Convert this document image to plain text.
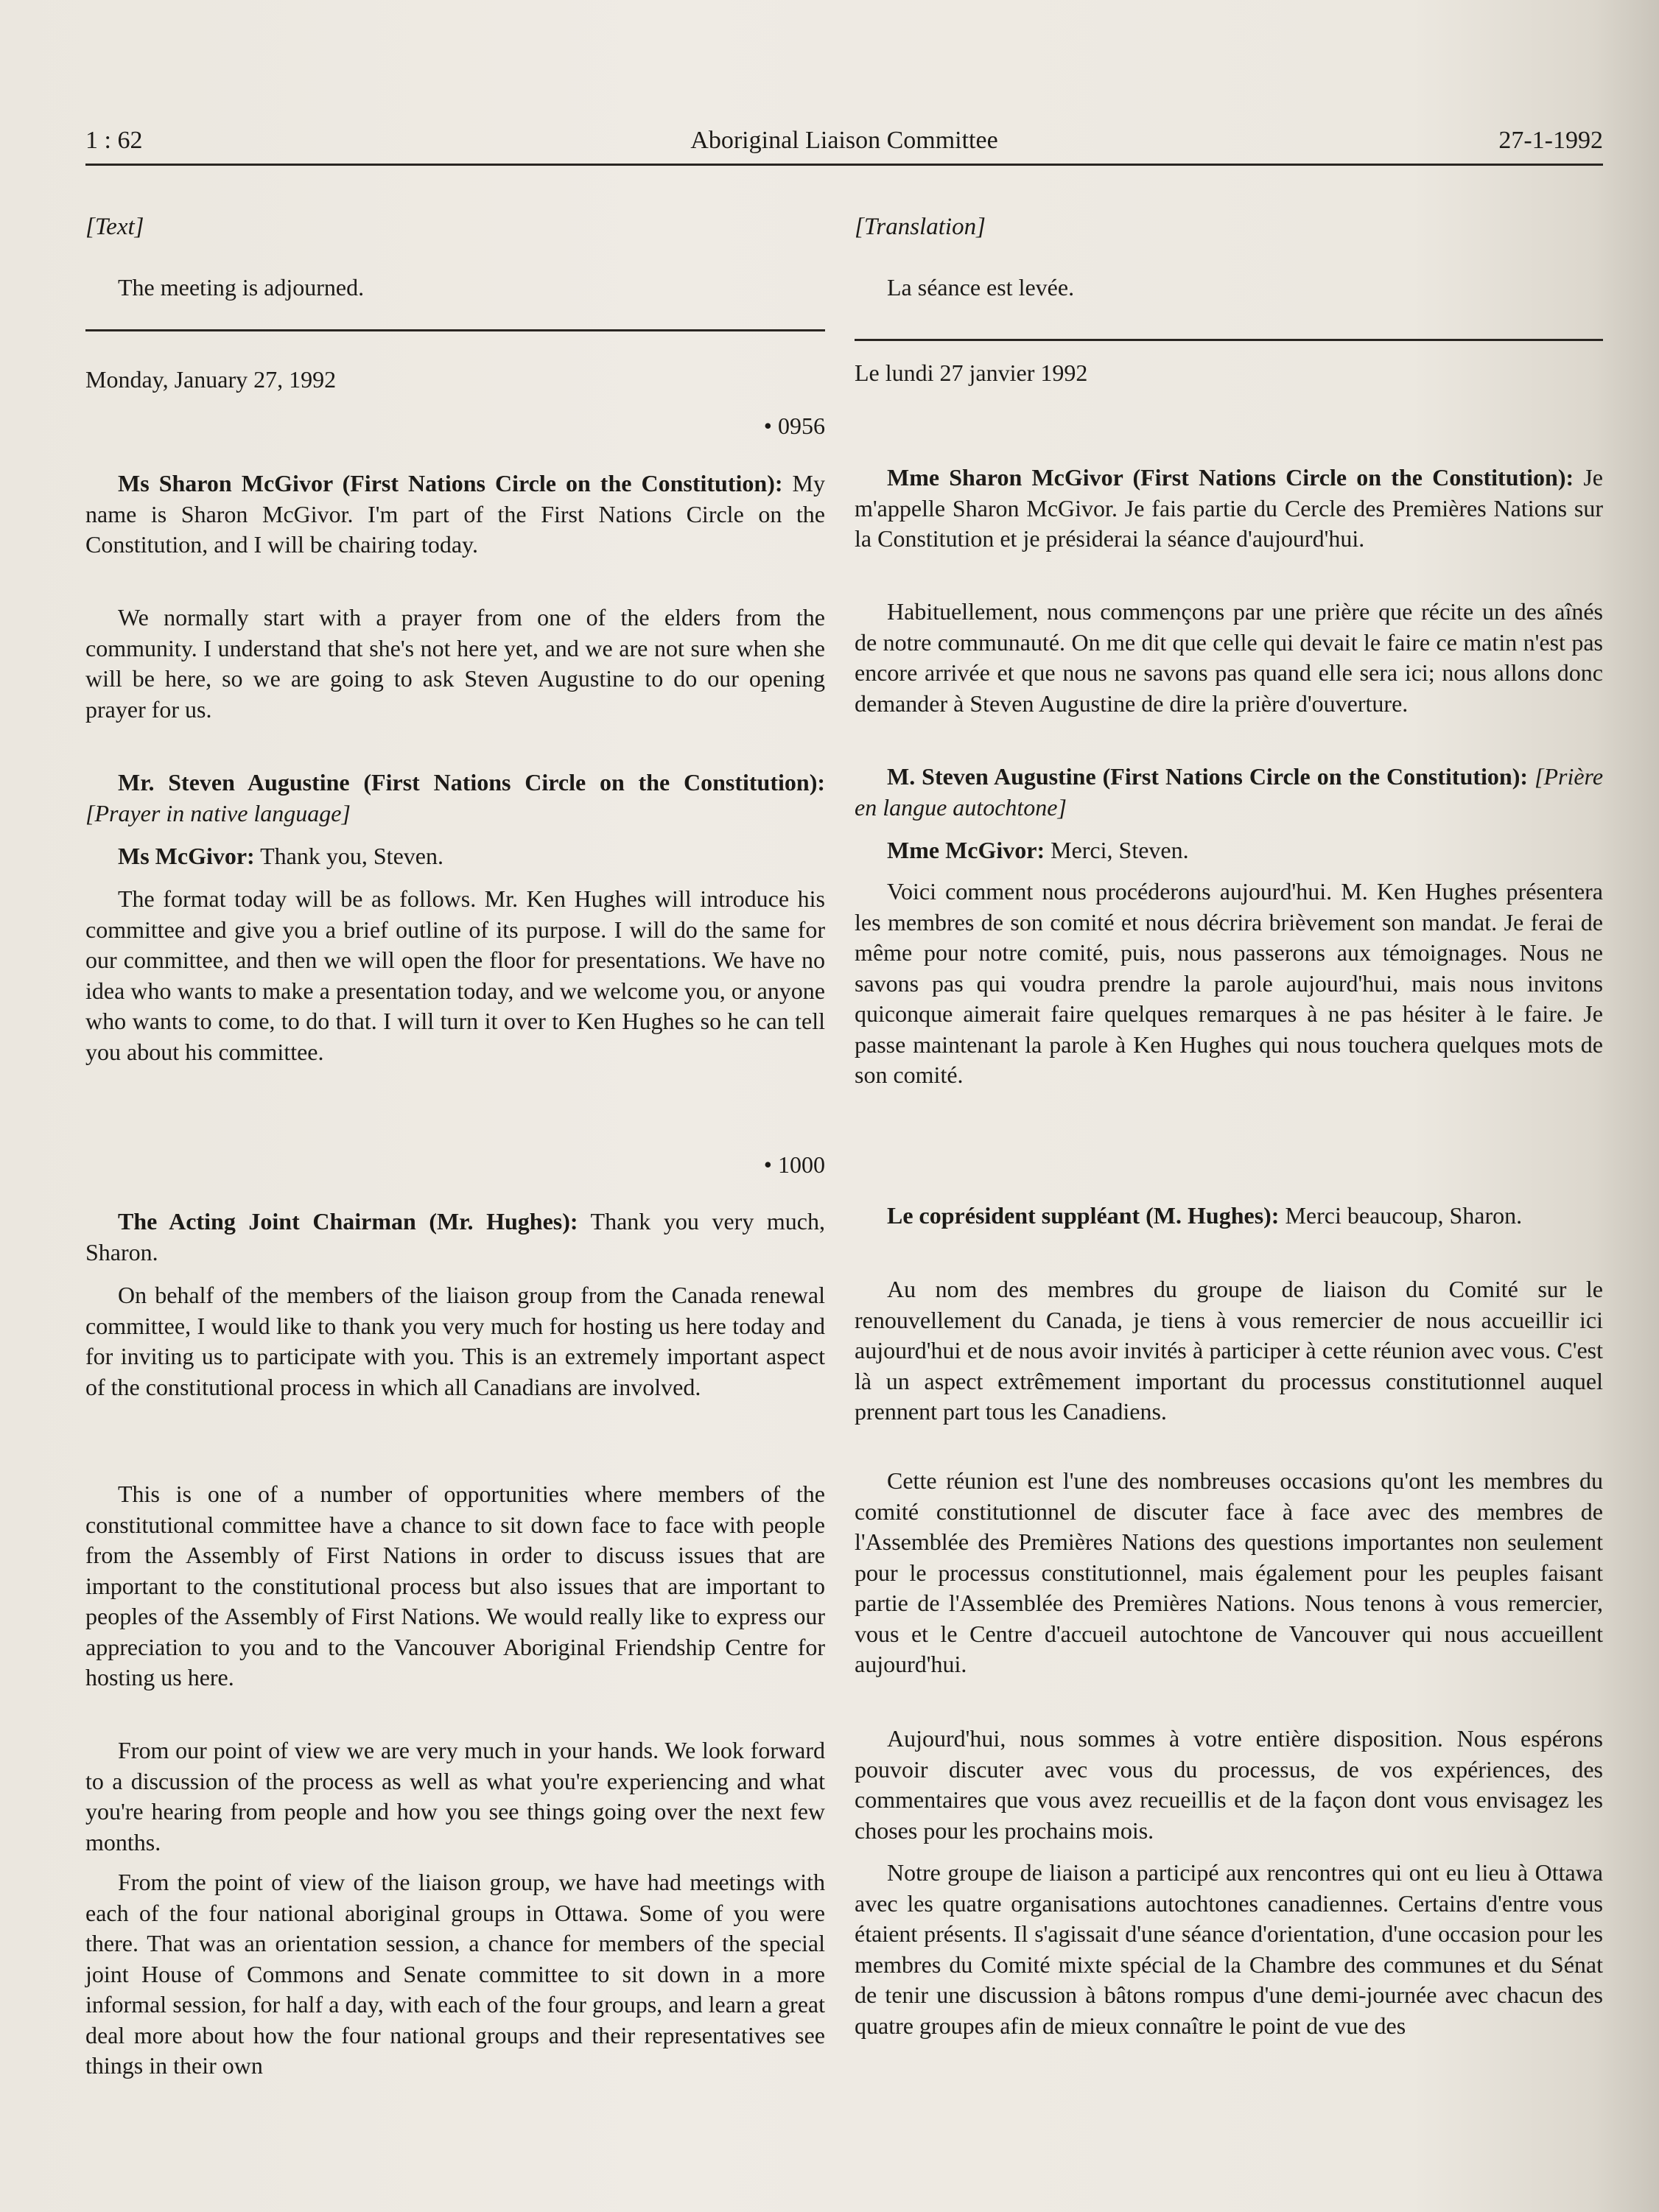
1 : 62	Aboriginal Liaison Committee	27-1-1992
[Text]
The meeting is adjourned.
Monday, January 27, 1992
• 0956

Ms Sharon McGivor (First Nations Circle on the Constitution): My name is Sharon McGivor. I'm part of the First Nations Circle on the Constitution, and I will be chairing today.

We normally start with a prayer from one of the elders from the community. I understand that she's not here yet, and we are not sure when she will be here, so we are going to ask Steven Augustine to do our opening prayer for us.

Mr. Steven Augustine (First Nations Circle on the Constitution): [Prayer in native language]

Ms McGivor: Thank you, Steven.

The format today will be as follows. Mr. Ken Hughes will introduce his committee and give you a brief outline of its purpose. I will do the same for our committee, and then we will open the floor for presentations. We have no idea who wants to make a presentation today, and we welcome you, or anyone who wants to come, to do that. I will turn it over to Ken Hughes so he can tell you about his committee.

• 1000

The Acting Joint Chairman (Mr. Hughes): Thank you very much, Sharon.

On behalf of the members of the liaison group from the Canada renewal committee, I would like to thank you very much for hosting us here today and for inviting us to participate with you. This is an extremely important aspect of the constitutional process in which all Canadians are involved.

This is one of a number of opportunities where members of the constitutional committee have a chance to sit down face to face with people from the Assembly of First Nations in order to discuss issues that are important to the constitutional process but also issues that are important to peoples of the Assembly of First Nations. We would really like to express our appreciation to you and to the Vancouver Aboriginal Friendship Centre for hosting us here.

From our point of view we are very much in your hands. We look forward to a discussion of the process as well as what you're experiencing and what you're hearing from people and how you see things going over the next few months.

From the point of view of the liaison group, we have had meetings with each of the four national aboriginal groups in Ottawa. Some of you were there. That was an orientation session, a chance for members of the special joint House of Commons and Senate committee to sit down in a more informal session, for half a day, with each of the four groups, and learn a great deal more about how the four national groups and their representatives see things in their own

[Translation]
La séance est levée.
Le lundi 27 janvier 1992

Mme Sharon McGivor (First Nations Circle on the Constitution): Je m'appelle Sharon McGivor. Je fais partie du Cercle des Premières Nations sur la Constitution et je présiderai la séance d'aujourd'hui.

Habituellement, nous commençons par une prière que récite un des aînés de notre communauté. On me dit que celle qui devait le faire ce matin n'est pas encore arrivée et que nous ne savons pas quand elle sera ici; nous allons donc demander à Steven Augustine de dire la prière d'ouverture.

M. Steven Augustine (First Nations Circle on the Constitution): [Prière en langue autochtone]

Mme McGivor: Merci, Steven.

Voici comment nous procéderons aujourd'hui. M. Ken Hughes présentera les membres de son comité et nous décrira brièvement son mandat. Je ferai de même pour notre comité, puis, nous passerons aux témoignages. Nous ne savons pas qui voudra prendre la parole aujourd'hui, mais nous invitons quiconque aimerait faire quelques remarques à ne pas hésiter à le faire. Je passe maintenant la parole à Ken Hughes qui nous touchera quelques mots de son comité.

Le coprésident suppléant (M. Hughes): Merci beaucoup, Sharon.

Au nom des membres du groupe de liaison du Comité sur le renouvellement du Canada, je tiens à vous remercier de nous accueillir ici aujourd'hui et de nous avoir invités à participer à cette réunion avec vous. C'est là un aspect extrêmement important du processus constitutionnel auquel prennent part tous les Canadiens.

Cette réunion est l'une des nombreuses occasions qu'ont les membres du comité constitutionnel de discuter face à face avec des membres de l'Assemblée des Premières Nations des questions importantes non seulement pour le processus constitutionnel, mais également pour les peuples faisant partie de l'Assemblée des Premières Nations. Nous tenons à vous remercier, vous et le Centre d'accueil autochtone de Vancouver qui nous accueillent aujourd'hui.

Aujourd'hui, nous sommes à votre entière disposition. Nous espérons pouvoir discuter avec vous du processus, de vos expériences, des commentaires que vous avez recueillis et de la façon dont vous envisagez les choses pour les prochains mois.

Notre groupe de liaison a participé aux rencontres qui ont eu lieu à Ottawa avec les quatre organisations autochtones canadiennes. Certains d'entre vous étaient présents. Il s'agissait d'une séance d'orientation, d'une occasion pour les membres du Comité mixte spécial de la Chambre des communes et du Sénat de tenir une discussion à bâtons rompus d'une demi-journée avec chacun des quatre groupes afin de mieux connaître le point de vue des
